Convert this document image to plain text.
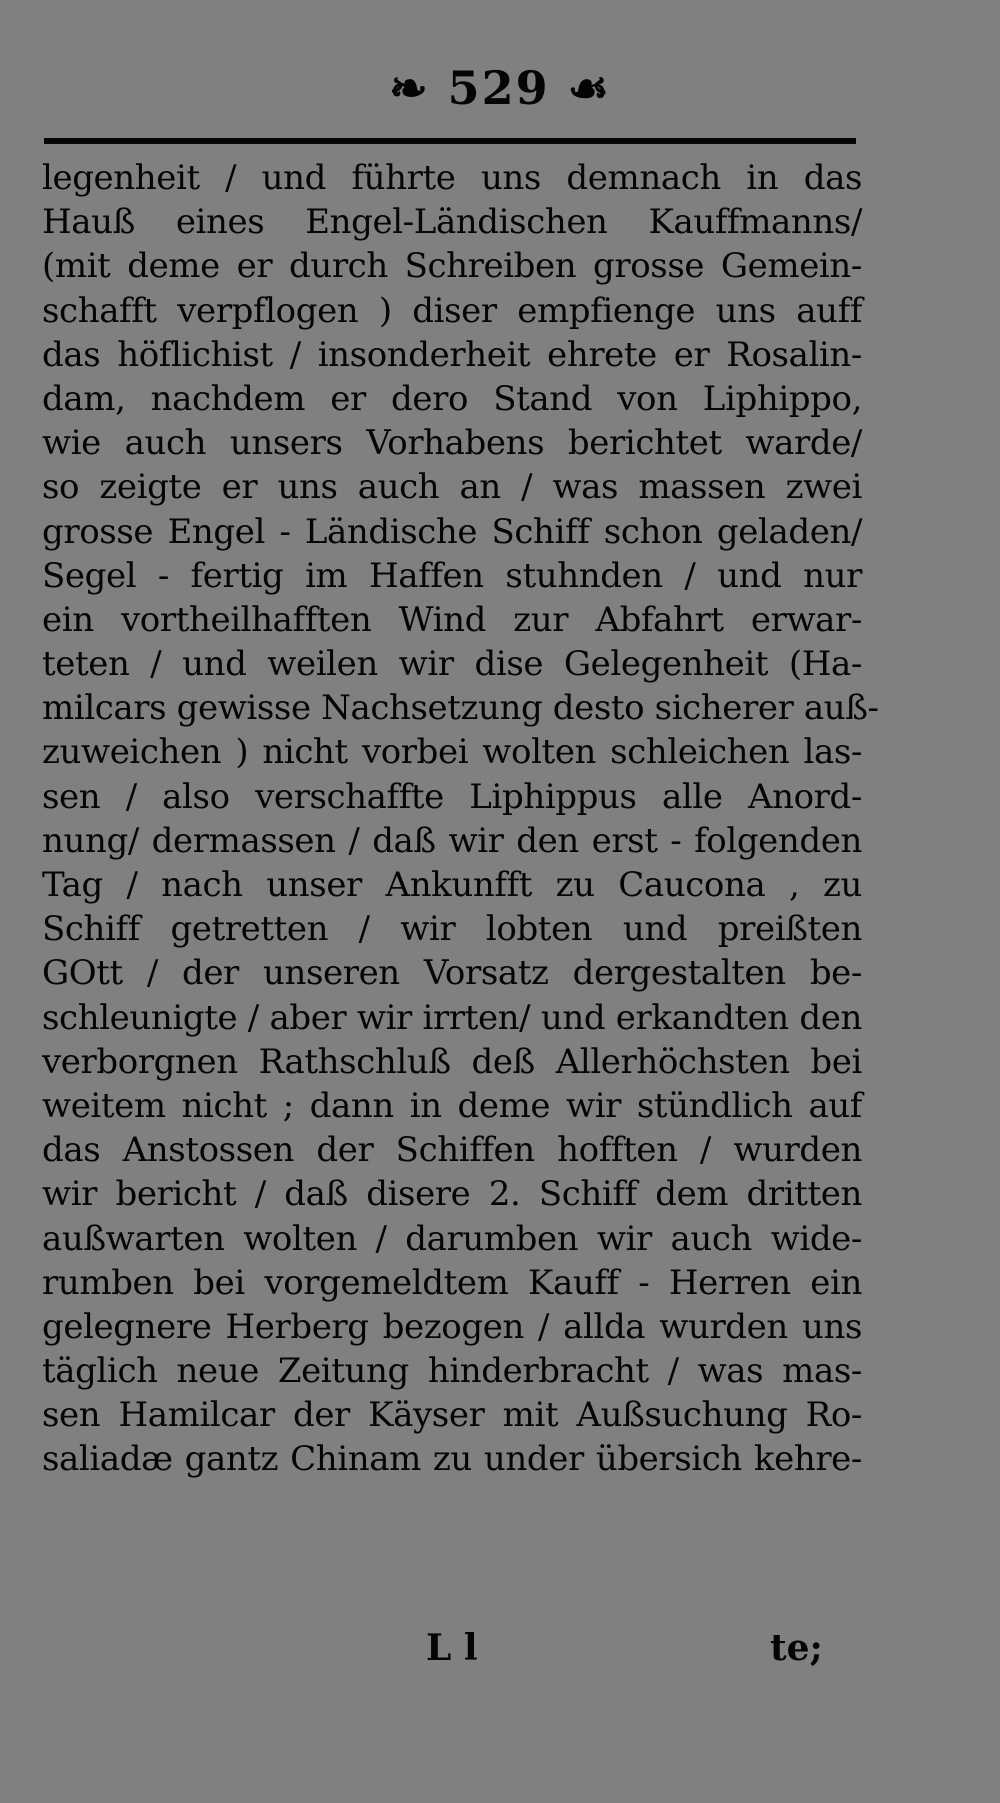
❧ 529 ☙
legenheit / und führte uns demnach in das
Hauß eines Engel-Ländischen Kauffmanns/
(mit deme er durch Schreiben grosse Gemein-
schafft verpflogen ) diser empfienge uns auff
das höflichist / insonderheit ehrete er Rosalin-
dam, nachdem er dero Stand von Liphippo,
wie auch unsers Vorhabens berichtet warde/
so zeigte er uns auch an / was massen zwei
grosse Engel - Ländische Schiff schon geladen/
Segel - fertig im Haffen stuhnden / und nur
ein vortheilhafften Wind zur Abfahrt erwar-
teten / und weilen wir dise Gelegenheit (Ha-
milcars gewisse Nachsetzung desto sicherer auß-
zuweichen ) nicht vorbei wolten schleichen las-
sen / also verschaffte Liphippus alle Anord-
nung/ dermassen / daß wir den erst - folgenden
Tag / nach unser Ankunfft zu Caucona , zu
Schiff getretten / wir lobten und preißten
GOtt / der unseren Vorsatz dergestalten be-
schleunigte / aber wir irrten/ und erkandten den
verborgnen Rathschluß deß Allerhöchsten bei
weitem nicht ; dann in deme wir stündlich auf
das Anstossen der Schiffen hofften / wurden
wir bericht / daß disere 2. Schiff dem dritten
außwarten wolten / darumben wir auch wide-
rumben bei vorgemeldtem Kauff - Herren ein
gelegnere Herberg bezogen / allda wurden uns
täglich neue Zeitung hinderbracht / was mas-
sen Hamilcar der Käyser mit Außsuchung Ro-
saliadæ gantz Chinam zu under übersich kehre-
L l	te;
